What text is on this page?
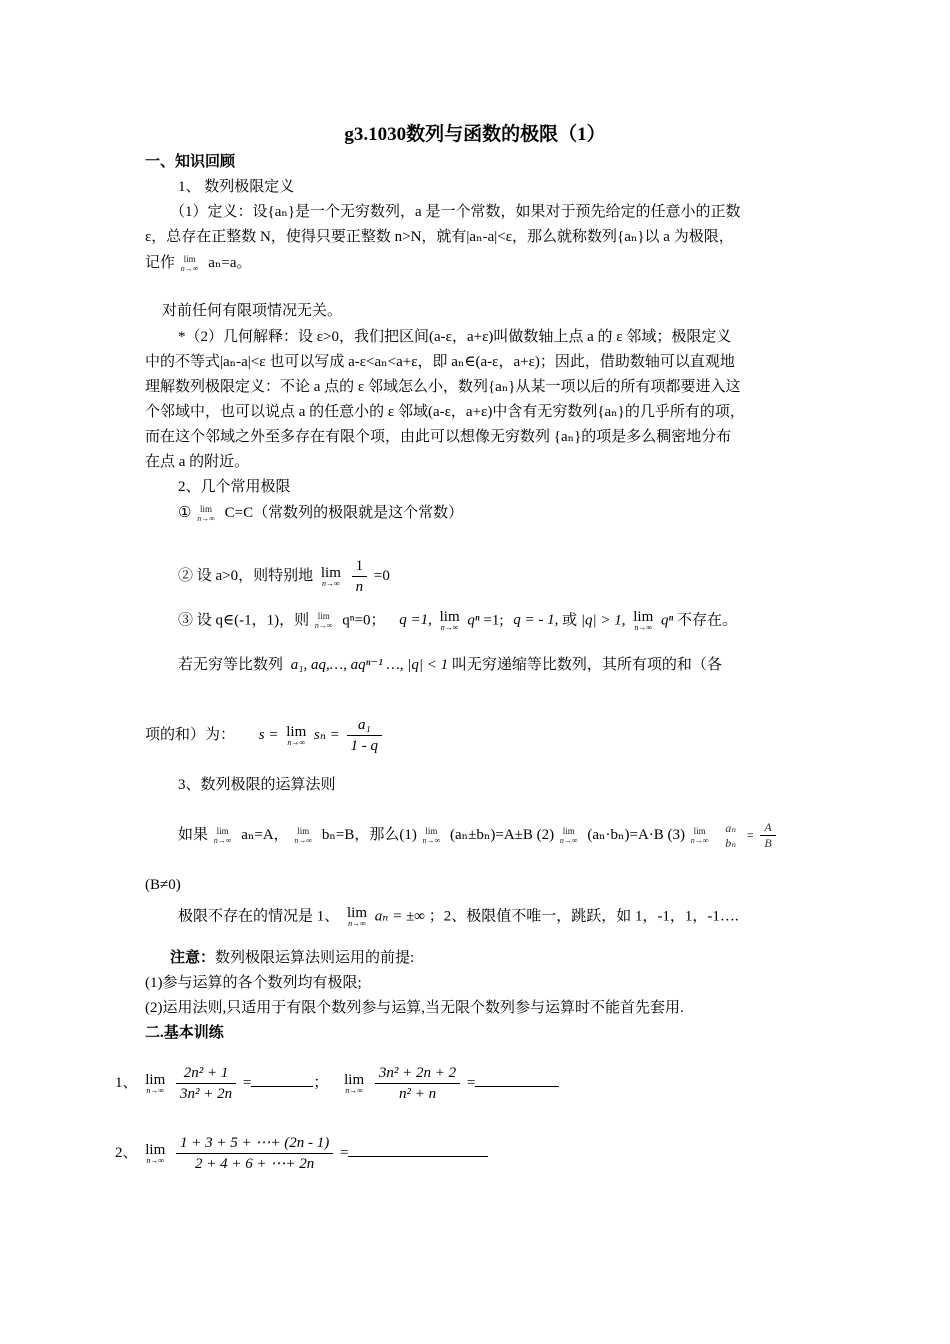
g3.1030数列与函数的极限（1）
一、知识回顾
1、 数列极限定义
（1）定义：设{aₙ}是一个无穷数列，a 是一个常数，如果对于预先给定的任意小的正数
ε，总存在正整数 N，使得只要正整数 n>N，就有|aₙ-a|<ε，那么就称数列{aₙ}以 a 为极限，
记作 lim
n→∞ aₙ=a。
对前任何有限项情况无关。
*（2）几何解释：设 ε>0，我们把区间(a-ε，a+ε)叫做数轴上点 a 的 ε 邻域；极限定义
中的不等式|aₙ-a|<ε 也可以写成 a-ε<aₙ<a+ε，即 aₙ∈(a-ε，a+ε)；因此，借助数轴可以直观地
理解数列极限定义：不论 a 点的 ε 邻域怎么小，数列{aₙ}从某一项以后的所有项都要进入这
个邻域中，也可以说点 a 的任意小的 ε 邻域(a-ε，a+ε)中含有无穷数列{aₙ}的几乎所有的项，
而在这个邻域之外至多存在有限个项，由此可以想像无穷数列 {aₙ}的项是多么稠密地分布
在点 a 的附近。
2、几个常用极限
① lim
n→∞ C=C（常数列的极限就是这个常数）
② 设 a>0，则特别地 lim
n→∞
$\frac{1}{n} =0$
③ 设 q∈(-1，1)，则 lim
n→∞ qⁿ=0； q =1, lim
n→∞ qⁿ =1; q = - 1, 或 |q| > 1, lim
n→∞ qⁿ 不存在。
若无穷等比数列 a₁, aq,…, aqⁿ⁻¹ …, |q| < 1 叫无穷递缩等比数列，其所有项的和（各
项的和）为： s = lim
n→∞ $s_n = \frac{\text{a₁}}{1 - q}$
3、数列极限的运算法则
如果 lim
n→∞ aₙ=A， lim
n→∞ bₙ=B，那么(1) lim
n→∞ (aₙ±bₙ)=A±B (2) lim
n→∞ (aₙ·bₙ)=A·B (3) lim
n→∞

aₙ
bₙ
= $\frac{A}{B}$
(B≠0)
极限不存在的情况是 1、 lim
n→∞ aₙ = ±∞ ；2、极限值不唯一，跳跃，如 1，-1，1，-1….
注意：数列极限运算法则运用的前提:
(1)参与运算的各个数列均有极限;
(2)运用法则,只适用于有限个数列参与运算,当无限个数列参与运算时不能首先套用.
二.基本训练
1、 lim
n→∞
$\frac{\text{2n² + 1}}{\text{3n² + 2n}}$ =	； lim
n→∞
$\frac{\text{3n² + 2n + 2}}{\text{n² + n}}$ =
2、 lim
n→∞
$\frac{1 + 3 + 5 + \cdots+ (2n - 1)}{2 + 4 + 6 + \cdots+ 2n}$ =
